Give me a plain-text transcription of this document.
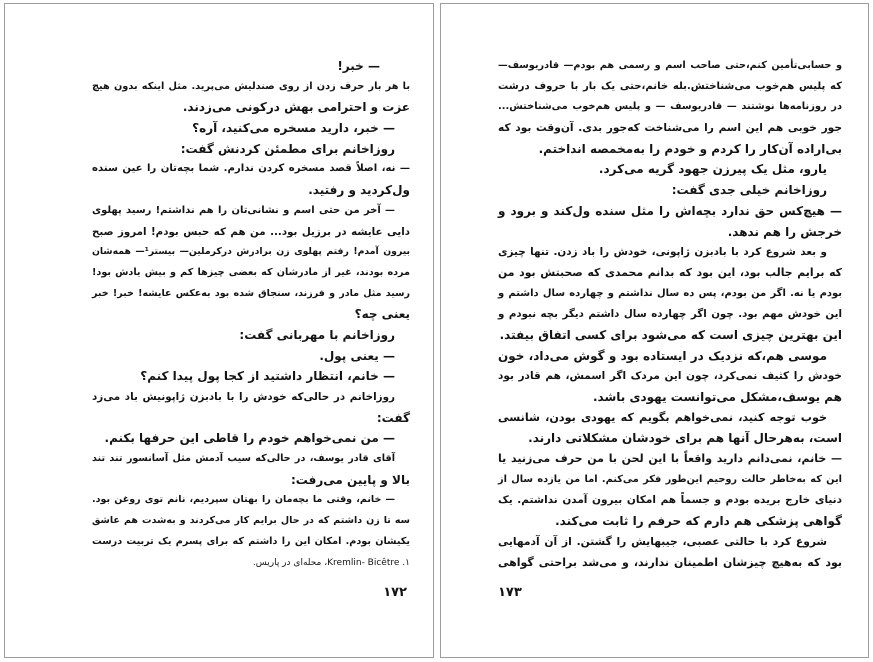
— خبر!
با هر بار حرف زدن از روی صندلیش می‌پرید. مثل اینکه بدون هیچ
عزت و احترامی بهش درکونی می‌زدند.
— خبر، دارید مسخره می‌کنید، آره؟
روزاخانم برای مطمئن کردنش گفت:
— نه، اصلاً قصد مسخره کردن ندارم. شما بچه‌تان را عین سنده
ول‌کردید و رفتید.
— آخر من حتی اسم و نشانی‌تان را هم نداشتم! رسید پهلوی
دایی عایشه در برزیل بود... من هم که حبس بودم! امروز صبح
بیرون آمدم! رفتم پهلوی زن برادرش درکرملین— بیستر¹— همه‌شان
مرده بودند، غیر از مادرشان که بعضی چیزها کم و بیش یادش بود!
رسید مثل مادر و فرزند، سنجاق شده بود به‌عکس عایشه! خبر! خبر
یعنی چه؟
روزاخانم با مهربانی گفت:
— یعنی پول.
— خانم، انتظار داشتید از کجا پول پیدا کنم؟
روزاخانم در حالی‌که خودش را با بادبزن ژاپونیش باد می‌زد
گفت:
— من نمی‌خواهم خودم را قاطی این حرفها بکنم.
آقای قادر یوسف، در حالی‌که سیب آدمش مثل آسانسور تند تند
بالا و پایین می‌رفت:
— خانم، وقتی ما بچه‌مان را بهتان سپردیم، نانم توی روغن بود.
سه تا زن داشتم که در حال برایم کار می‌کردند و به‌شدت هم عاشق
یکیشان بودم. امکان این را داشتم که برای پسرم یک تربیت درست
۱. Kremlin- Bicêtre، محله‌ای در پاریس.
۱۷۲
و حسابی‌تأمین کنم،حتی صاحب اسم و رسمی هم بودم— قادریوسف—
که پلیس هم‌خوب می‌شناختش.بله خانم،حتی یک بار با حروف درشت
در روزنامه‌ها نوشتند — قادریوسف — و پلیس هم‌خوب می‌شناختش...
جور خوبی هم این اسم را می‌شناخت که‌جور بدی. آن‌وقت بود که
بی‌اراده آن‌کار را کردم و خودم را به‌مخمصه انداختم.
یارو، مثل یک پیرزن جهود گریه می‌کرد.
روزاخانم خیلی جدی گفت:
— هیچ‌کس حق ندارد بچه‌اش را مثل سنده ول‌کند و برود و
خرجش را هم ندهد.
و بعد شروع کرد با بادبزن ژاپونی، خودش را باد زدن. تنها چیزی
که برایم جالب بود، این بود که بدانم محمدی که صحبتش بود من
بودم یا نه. اگر من بودم، پس ده سال نداشتم و چهارده سال داشتم و
این خودش مهم بود. چون اگر چهارده سال داشتم دیگر بچه نبودم و
این بهترین چیزی است که می‌شود برای کسی اتفاق بیفتد.
موسی هم،که نزدیک در ایستاده بود و گوش می‌داد، خون
خودش را کثیف نمی‌کرد، چون این مردک اگر اسمش، هم قادر بود
هم یوسف،مشکل می‌توانست یهودی باشد.
خوب توجه کنید، نمی‌خواهم بگویم که یهودی بودن، شانسی
است، به‌هرحال آنها هم برای خودشان مشکلاتی دارند.
— خانم، نمی‌دانم دارید واقعاً با این لحن با من حرف می‌زنید یا
این که به‌خاطر حالت روحیم این‌طور فکر می‌کنم. اما من یازده سال از
دنیای خارج بریده بودم و جسماً هم امکان بیرون آمدن نداشتم. یک
گواهی پزشکی هم دارم که حرفم را ثابت می‌کند.
شروع کرد با حالتی عصبی، جیبهایش را گشتن. از آن آدمهایی
بود که به‌هیچ چیزشان اطمینان ندارند، و می‌شد براحتی گواهی
۱۷۳
